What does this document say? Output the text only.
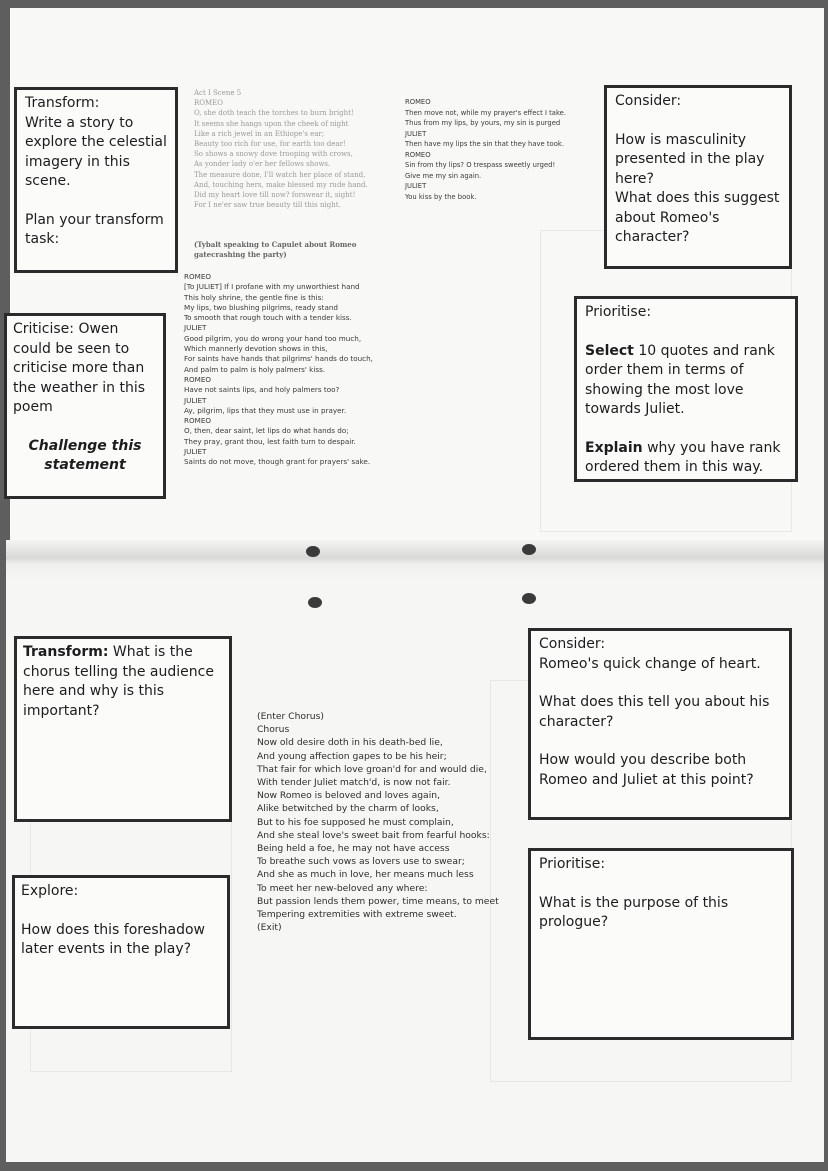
Transform:

Write a story to explore the celestial imagery in this scene.

Plan your transform task:

Criticise: Owen could be seen to criticise more than the weather in this poem

Challenge this statement

Consider:

How is masculinity presented in the play here?

What does this suggest about Romeo's character?

Prioritise:

Select 10 quotes and rank order them in terms of showing the most love towards Juliet.

Explain why you have rank ordered them in this way.

Act I Scene 5
ROMEO
O, she doth teach the torches to burn bright!
It seems she hangs upon the cheek of night
Like a rich jewel in an Ethiope's ear;
Beauty too rich for use, for earth too dear!
So shows a snowy dove trooping with crows,
As yonder lady o'er her fellows shows.
The measure done, I'll watch her place of stand,
And, touching hers, make blessed my rude hand.
Did my heart love till now? forswear it, sight!
For I ne'er saw true beauty till this night.
(Tybalt speaking to Capulet about Romeo gatecrashing the party)
ROMEO
[To JULIET] If I profane with my unworthiest hand
This holy shrine, the gentle fine is this:
My lips, two blushing pilgrims, ready stand
To smooth that rough touch with a tender kiss.
JULIET
Good pilgrim, you do wrong your hand too much,
Which mannerly devotion shows in this,
For saints have hands that pilgrims' hands do touch,
And palm to palm is holy palmers' kiss.
ROMEO
Have not saints lips, and holy palmers too?
JULIET
Ay, pilgrim, lips that they must use in prayer.
ROMEO
O, then, dear saint, let lips do what hands do;
They pray, grant thou, lest faith turn to despair.
JULIET
Saints do not move, though grant for prayers' sake.
ROMEO
Then move not, while my prayer's effect I take.
Thus from my lips, by yours, my sin is purged
JULIET
Then have my lips the sin that they have took.
ROMEO
Sin from thy lips? O trespass sweetly urged!
Give me my sin again.
JULIET
You kiss by the book.

Transform: What is the chorus telling the audience here and why is this important?

Explore:

How does this foreshadow later events in the play?

Consider:

Romeo's quick change of heart.

What does this tell you about his character?

How would you describe both Romeo and Juliet at this point?

Prioritise:

What is the purpose of this prologue?

(Enter Chorus)
Chorus
Now old desire doth in his death-bed lie,
And young affection gapes to be his heir;
That fair for which love groan'd for and would die,
With tender Juliet match'd, is now not fair.
Now Romeo is beloved and loves again,
Alike betwitched by the charm of looks,
But to his foe supposed he must complain,
And she steal love's sweet bait from fearful hooks:
Being held a foe, he may not have access
To breathe such vows as lovers use to swear;
And she as much in love, her means much less
To meet her new-beloved any where:
But passion lends them power, time means, to meet
Tempering extremities with extreme sweet.
(Exit)
